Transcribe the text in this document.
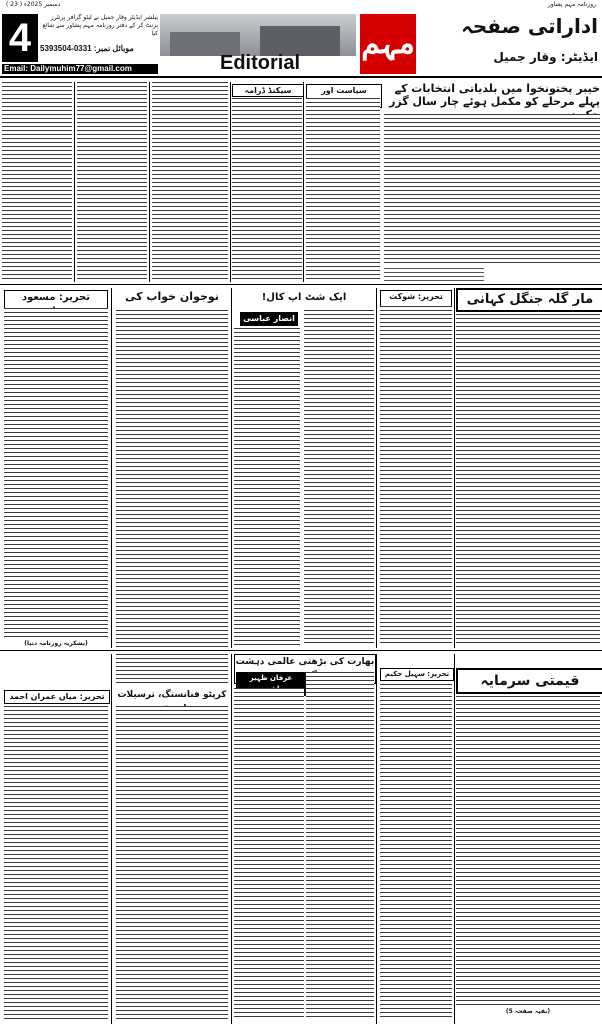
( 23 ) دسمبر 2025ء	روزنامہ مہم پشاور
4	پبلشر ایڈیٹر وقار جمیل نے لیٹو گرافر پرنٹرز پرنٹ کر کے دفتر روزنامہ مہم پشاور سے شائع کیا
موبائل نمبر: 0331-5393504
Email: Dailymuhim77@gmail.com	Editorial
مہم	اداراتی صفحہ
ایڈیٹر: وقار جمیل
سیکنڈ ڈرامہ	سیاست اور	خیبر پختونخوا میں بلدیاتی انتخابات کے پہلے مرحلے کو مکمل ہوئے چار سال گزر
تحریر: مسعود
(بشکریہ روزنامہ دنیا)
نوجوان خواب کی	ایک شٹ اپ کال!
انصار عباسی
تحریر: شوکت	مار گلہ جنگل کہانی
تحریر: میاں عمران احمد	کرپٹو فنانسنگ، ترسیلات
بھارت کی بڑھتی عالمی دہشت
عرفان ظہیر	تحریر: سہیل حکیم	قیمتی سرمایہ
(بقیہ صفحہ 5)
